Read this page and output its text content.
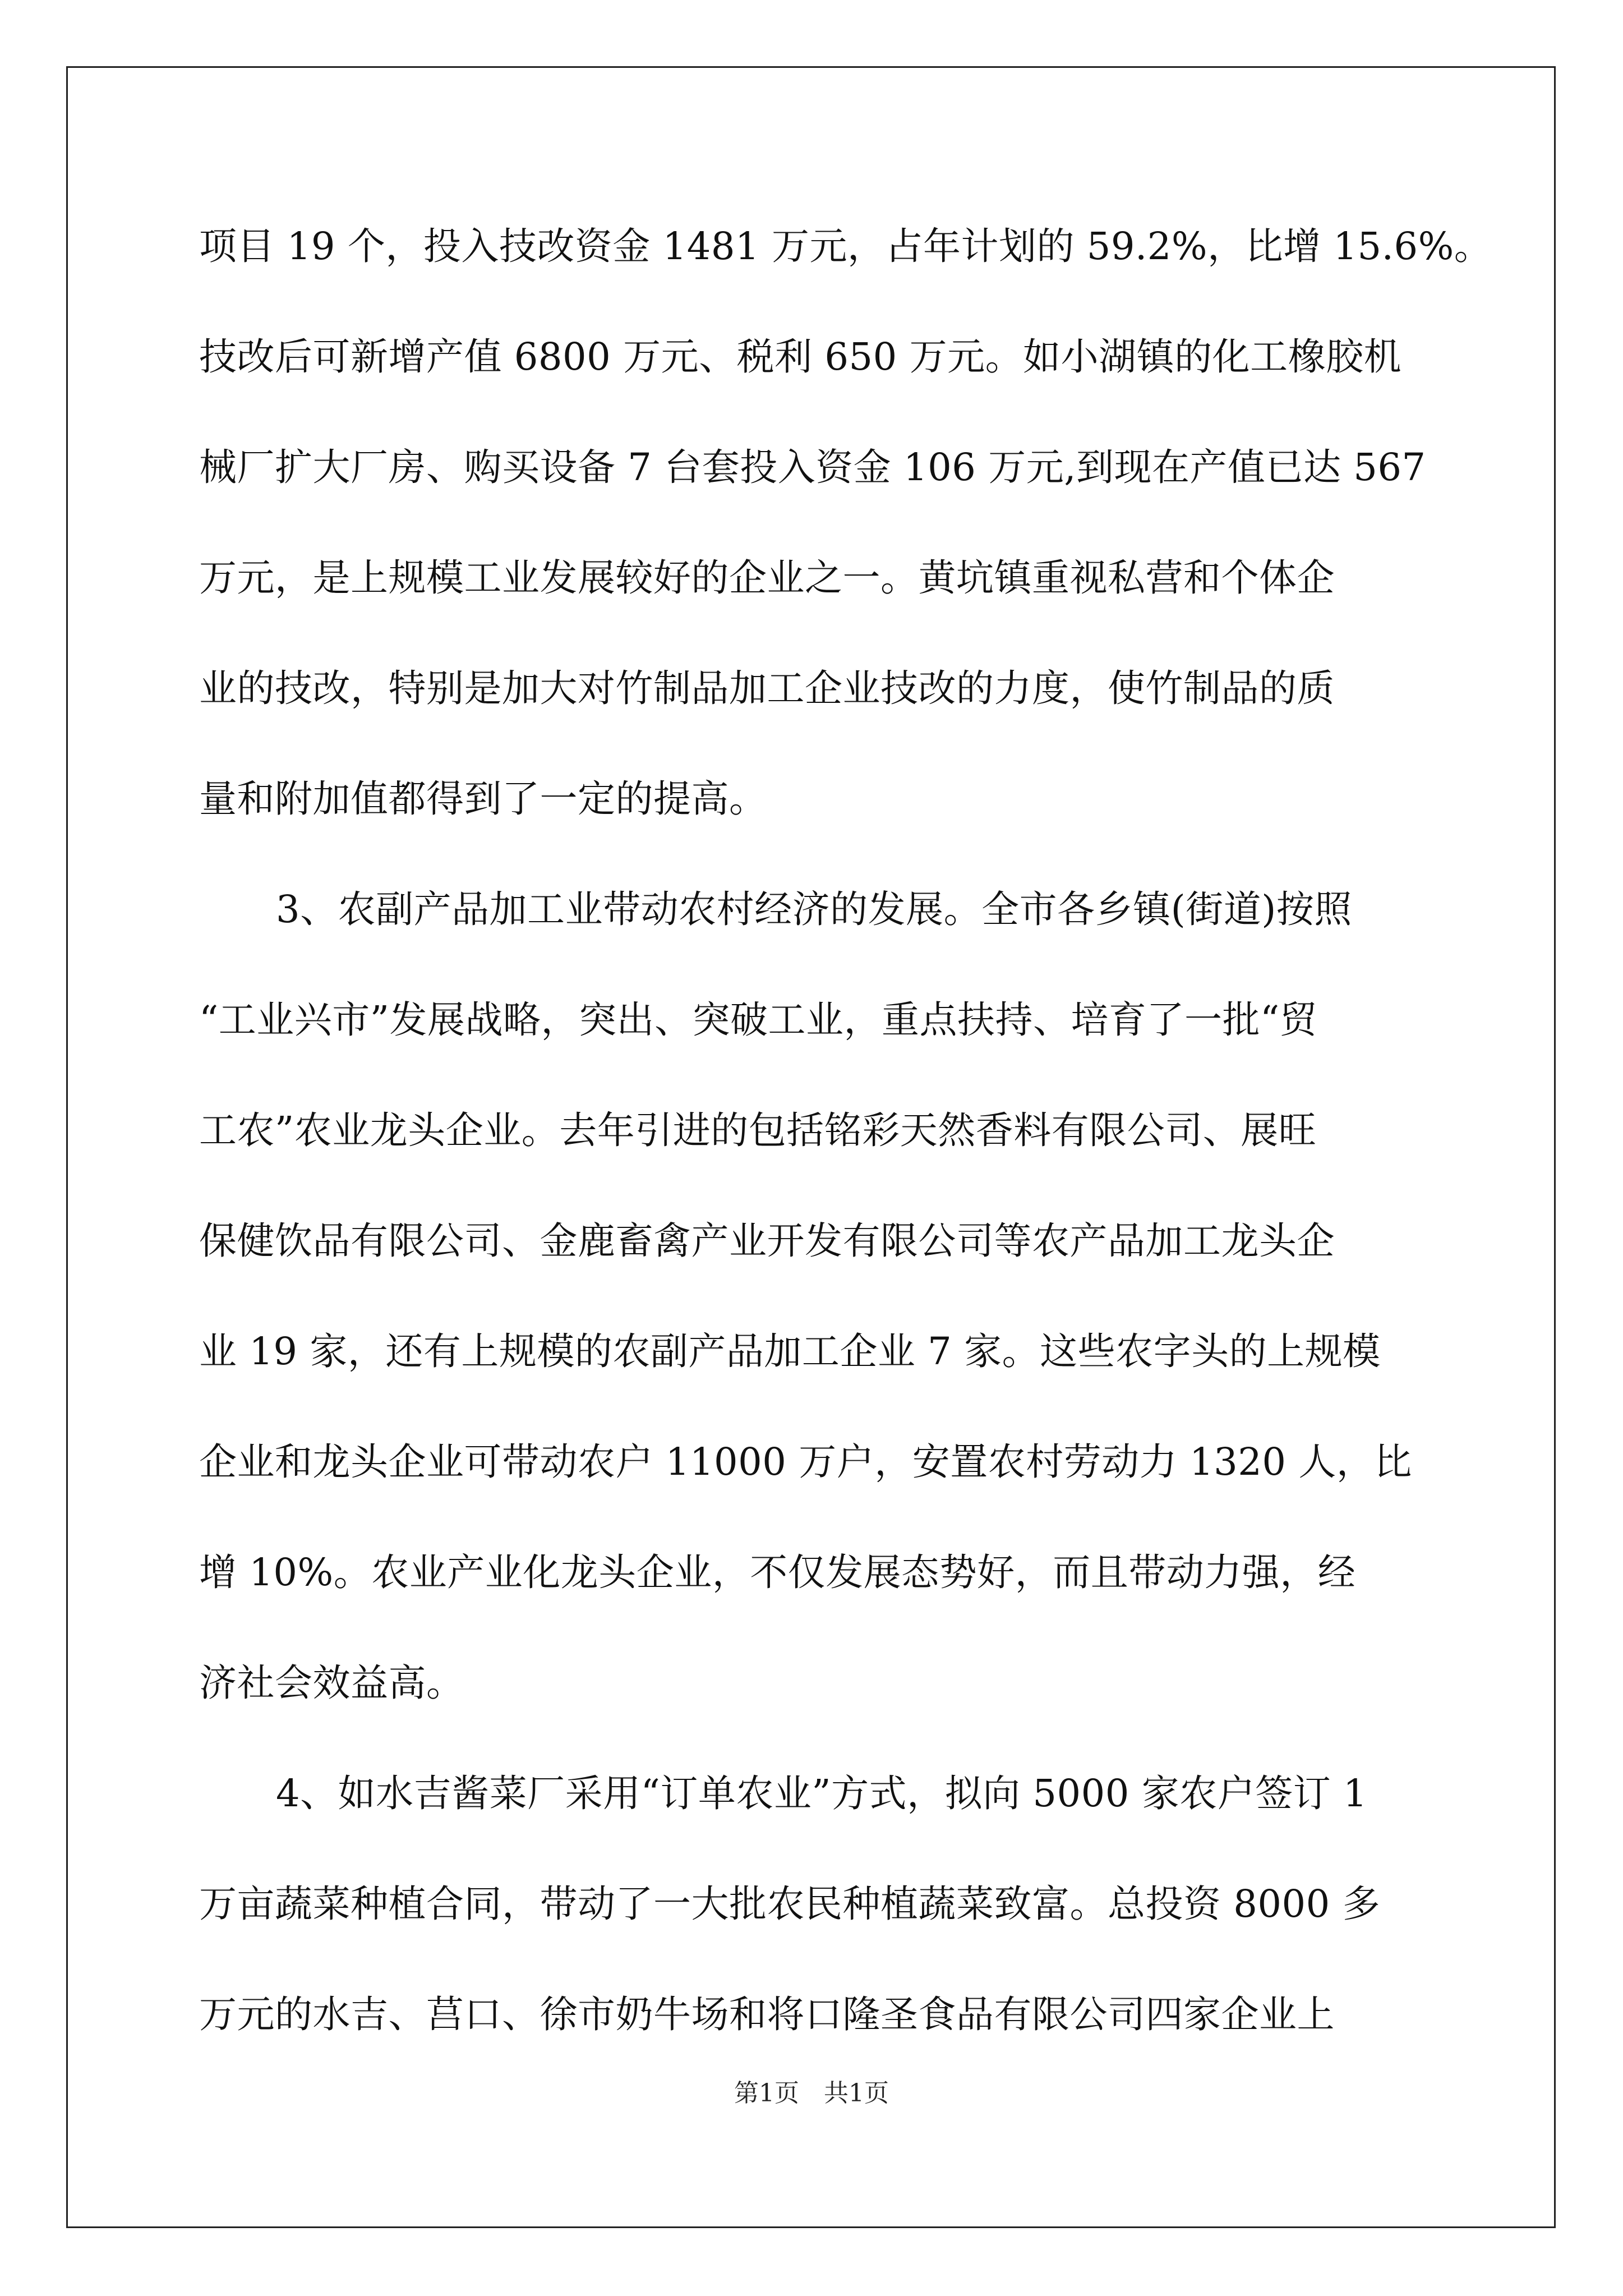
项目 19 个，投入技改资金 1481 万元，占年计划的 59.2%，比增 15.6%。
技改后可新增产值 6800 万元、税利 650 万元。如小湖镇的化工橡胶机
械厂扩大厂房、购买设备 7 台套投入资金 106 万元,到现在产值已达 567
万元，是上规模工业发展较好的企业之一。黄坑镇重视私营和个体企
业的技改，特别是加大对竹制品加工企业技改的力度，使竹制品的质
量和附加值都得到了一定的提高。
3、农副产品加工业带动农村经济的发展。全市各乡镇(街道)按照
“工业兴市”发展战略，突出、突破工业，重点扶持、培育了一批“贸
工农”农业龙头企业。去年引进的包括铭彩天然香料有限公司、展旺
保健饮品有限公司、金鹿畜禽产业开发有限公司等农产品加工龙头企
业 19 家，还有上规模的农副产品加工企业 7 家。这些农字头的上规模
企业和龙头企业可带动农户 11000 万户，安置农村劳动力 1320 人，比
增 10%。农业产业化龙头企业，不仅发展态势好，而且带动力强，经
济社会效益高。
4、如水吉酱菜厂采用“订单农业”方式，拟向 5000 家农户签订 1
万亩蔬菜种植合同，带动了一大批农民种植蔬菜致富。总投资 8000 多
万元的水吉、莒口、徐市奶牛场和将口隆圣食品有限公司四家企业上
第1页　共1页
